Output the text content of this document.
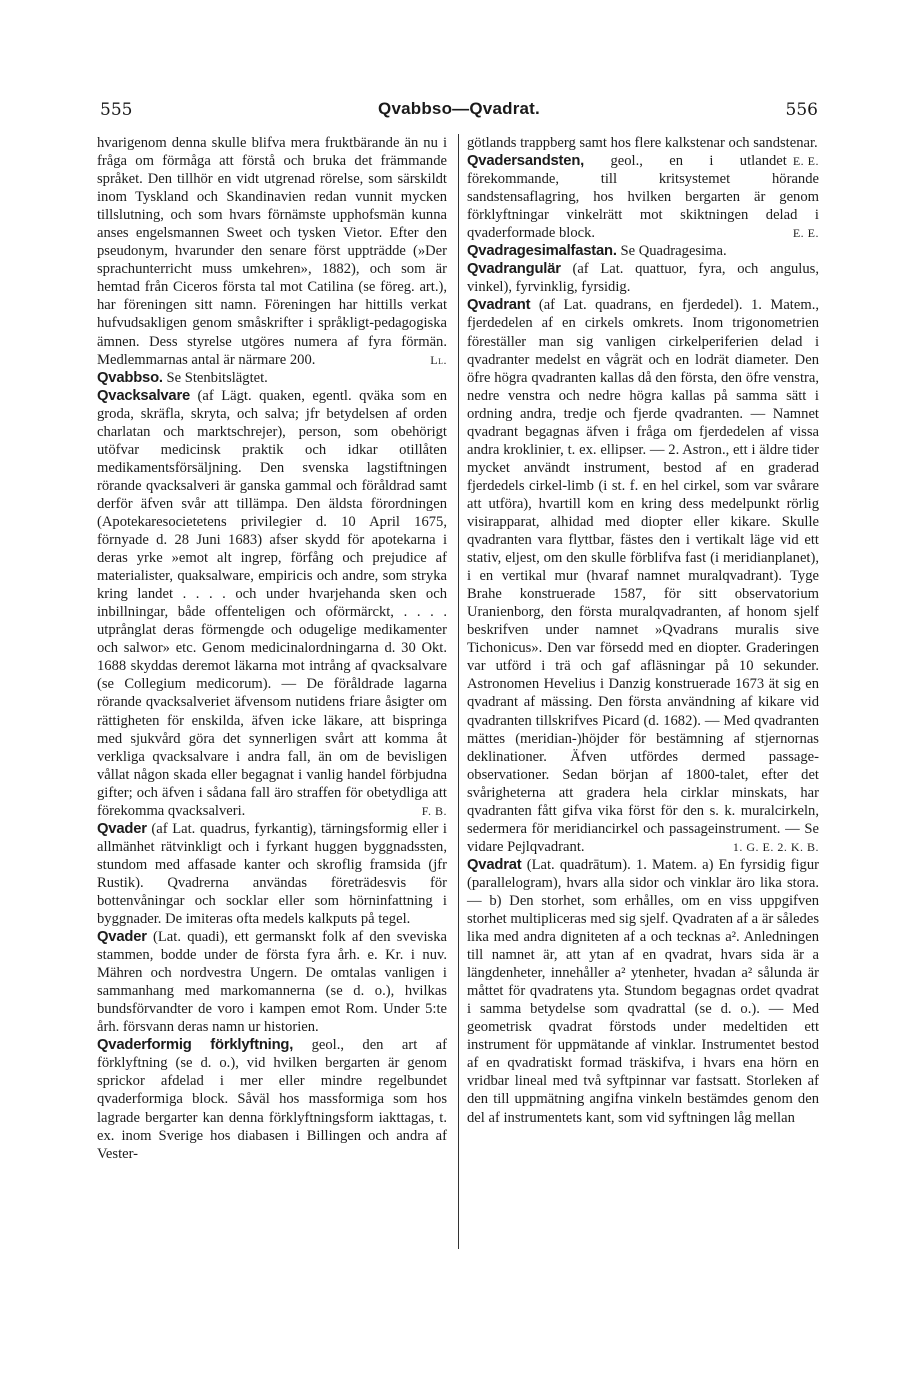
555	Qvabbso—Qvadrat.	556

hvarigenom denna skulle blifva mera fruktbärande än nu i fråga om förmåga att förstå och bruka det främmande språket. Den tillhör en vidt utgrenad rörelse, som särskildt inom Tyskland och Skandinavien redan vunnit mycken tillslutning, och som hvars förnämste upphofsmän kunna anses engelsmannen Sweet och tysken Vietor. Efter den pseudonym, hvarunder den senare först uppträdde (»Der sprachunterricht muss umkehren», 1882), och som är hemtad från Ciceros första tal mot Catilina (se föreg. art.), har föreningen sitt namn. Föreningen har hittills verkat hufvudsakligen genom småskrifter i språkligt-pedagogiska ämnen. Dess styrelse utgöres numera af fyra förmän. Medlemmarnas antal är närmare 200.	Ll.

Qvabbso. Se Stenbitslägtet.

Qvacksalvare (af Lägt. quaken, egentl. qväka som en groda, skräfla, skryta, och salva; jfr betydelsen af orden charlatan och marktschrejer), person, som obehörigt utöfvar medicinsk praktik och idkar otillåten medikamentsförsäljning. Den svenska lagstiftningen rörande qvacksalveri är ganska gammal och föråldrad samt derför äfven svår att tillämpa. Den äldsta förordningen (Apotekaresocietetens privilegier d. 10 April 1675, förnyade d. 28 Juni 1683) afser skydd för apotekarna i deras yrke »emot alt ingrep, förfång och prejudice af materialister, quaksalware, empiricis och andre, som stryka kring landet . . . . och under hvarjehanda sken och inbillningar, både offenteligen och oförmärckt, . . . . utprånglat deras förmengde och odugelige medikamenter och salwor» etc. Genom medicinalordningarna d. 30 Okt. 1688 skyddas deremot läkarna mot intrång af qvacksalvare (se Collegium medicorum). — De föråldrade lagarna rörande qvacksalveriet äfvensom nutidens friare åsigter om rättigheten för enskilda, äfven icke läkare, att bispringa med sjukvård göra det synnerligen svårt att komma åt verkliga qvacksalvare i andra fall, än om de bevisligen vållat någon skada eller begagnat i vanlig handel förbjudna gifter; och äfven i sådana fall äro straffen för obetydliga att förekomma qvacksalveri.	F. B.

Qvader (af Lat. quadrus, fyrkantig), tärningsformig eller i allmänhet rätvinkligt och i fyrkant huggen byggnadssten, stundom med affasade kanter och skroflig framsida (jfr Rustik). Qvadrerna användas företrädesvis för bottenvåningar och socklar eller som hörninfattning i byggnader. De imiteras ofta medels kalkputs på tegel.

Qvader (Lat. quadi), ett germanskt folk af den sveviska stammen, bodde under de första fyra årh. e. Kr. i nuv. Mähren och nordvestra Ungern. De omtalas vanligen i sammanhang med markomannerna (se d. o.), hvilkas bundsförvandter de voro i kampen emot Rom. Under 5:te årh. försvann deras namn ur historien.

Qvaderformig förklyftning, geol., den art af förklyftning (se d. o.), vid hvilken bergarten är genom sprickor afdelad i mer eller mindre regelbundet qvaderformiga block. Såväl hos massformiga som hos lagrade bergarter kan denna förklyftningsform iakttagas, t. ex. inom Sverige hos diabasen i Billingen och andra af Vester-

götlands trappberg samt hos flere kalkstenar och sandstenar.
E. E.

Qvadersandsten, geol., en i utlandet förekommande, till kritsystemet hörande sandstensaflagring, hos hvilken bergarten är genom förklyftningar vinkelrätt mot skiktningen delad i qvaderformade block.	E. E.

Qvadragesimalfastan. Se Quadragesima.

Qvadrangulär (af Lat. quattuor, fyra, och angulus, vinkel), fyrvinklig, fyrsidig.

Qvadrant (af Lat. quadrans, en fjerdedel). 1. Matem., fjerdedelen af en cirkels omkrets. Inom trigonometrien föreställer man sig vanligen cirkelperiferien delad i qvadranter medelst en vågrät och en lodrät diameter. Den öfre högra qvadranten kallas då den första, den öfre venstra, nedre venstra och nedre högra kallas på samma sätt i ordning andra, tredje och fjerde qvadranten. — Namnet qvadrant begagnas äfven i fråga om fjerdedelen af vissa andra kroklinier, t. ex. ellipser. — 2. Astron., ett i äldre tider mycket användt instrument, bestod af en graderad fjerdedels cirkel-limb (i st. f. en hel cirkel, som var svårare att utföra), hvartill kom en kring dess medelpunkt rörlig visirapparat, alhidad med diopter eller kikare. Skulle qvadranten vara flyttbar, fästes den i vertikalt läge vid ett stativ, eljest, om den skulle förblifva fast (i meridianplanet), i en vertikal mur (hvaraf namnet muralqvadrant). Tyge Brahe konstruerade 1587, för sitt observatorium Uranienborg, den första muralqvadranten, af honom sjelf beskrifven under namnet »Qvadrans muralis sive Tichonicus». Den var försedd med en diopter. Graderingen var utförd i trä och gaf afläsningar på 10 sekunder. Astronomen Hevelius i Danzig konstruerade 1673 ät sig en qvadrant af mässing. Den första användning af kikare vid qvadranten tillskrifves Picard (d. 1682). — Med qvadranten mättes (meridian-)höjder för bestämning af stjernornas deklinationer. Äfven utfördes dermed passage-observationer. Sedan början af 1800-talet, efter det svårigheterna att gradera hela cirklar minskats, har qvadranten fått gifva vika först för den s. k. muralcirkeln, sedermera för meridiancirkel och passageinstrument. — Se vidare Pejlqvadrant.	1. G. E. 2. K. B.

Qvadrat (Lat. quadrātum). 1. Matem. a) En fyrsidig figur (parallelogram), hvars alla sidor och vinklar äro lika stora. — b) Den storhet, som erhålles, om en viss uppgifven storhet multipliceras med sig sjelf. Qvadraten af a är således lika med andra digniteten af a och tecknas a². Anledningen till namnet är, att ytan af en qvadrat, hvars sida är a längdenheter, innehåller a² ytenheter, hvadan a² sålunda är måttet för qvadratens yta. Stundom begagnas ordet qvadrat i samma betydelse som qvadrattal (se d. o.). — Med geometrisk qvadrat förstods under medeltiden ett instrument för uppmätande af vinklar. Instrumentet bestod af en qvadratiskt formad träskifva, i hvars ena hörn en vridbar lineal med två syftpinnar var fastsatt. Storleken af den till uppmätning angifna vinkeln bestämdes genom den del af instrumentets kant, som vid syftningen låg mellan
